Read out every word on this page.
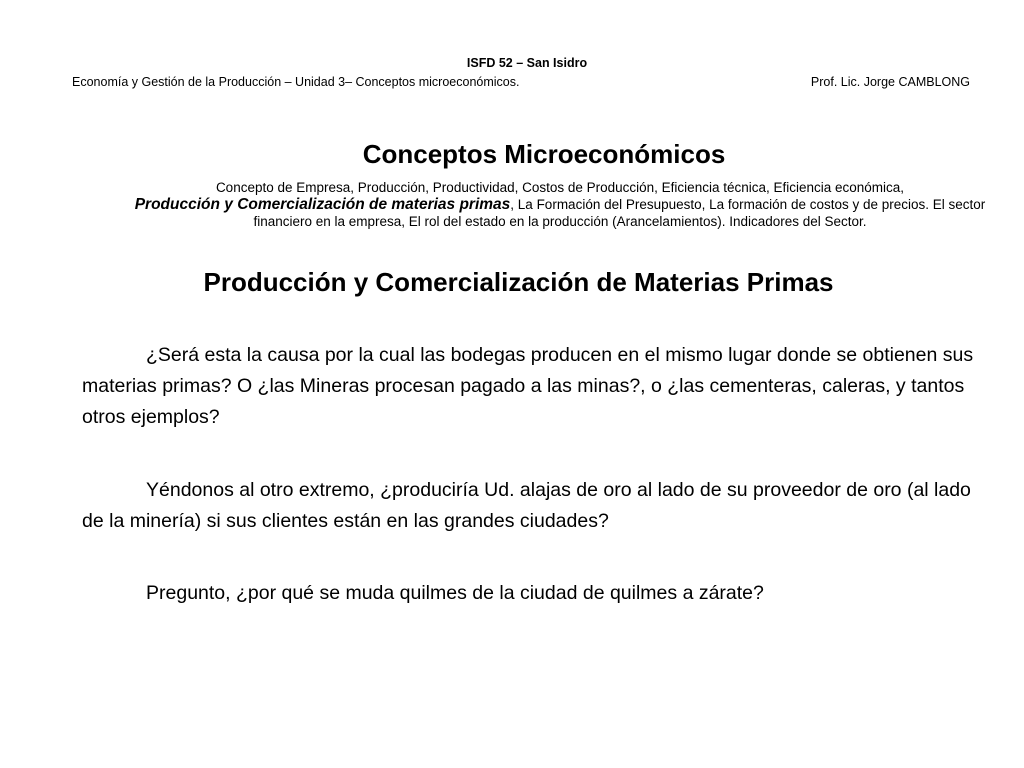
ISFD 52 – San Isidro
Economía y Gestión de la Producción – Unidad 3– Conceptos microeconómicos.	Prof. Lic. Jorge CAMBLONG
Conceptos Microeconómicos
Concepto de Empresa, Producción, Productividad, Costos de Producción, Eficiencia técnica, Eficiencia económica,
Producción y Comercialización de materias primas, La Formación del Presupuesto, La formación de costos y de precios. El sector financiero en la empresa, El rol del estado en la producción (Arancelamientos). Indicadores del Sector.
Producción y Comercialización de Materias Primas
¿Será esta la causa por la cual las bodegas producen en el mismo lugar donde se obtienen sus materias primas? O ¿las Mineras procesan pagado a las minas?, o ¿las cementeras, caleras, y tantos otros ejemplos?
Yéndonos al otro extremo, ¿produciría Ud. alajas de oro al lado de su proveedor de oro (al lado de la minería) si sus clientes están en las grandes ciudades?
Pregunto, ¿por qué se muda quilmes de la ciudad de quilmes a zárate?
